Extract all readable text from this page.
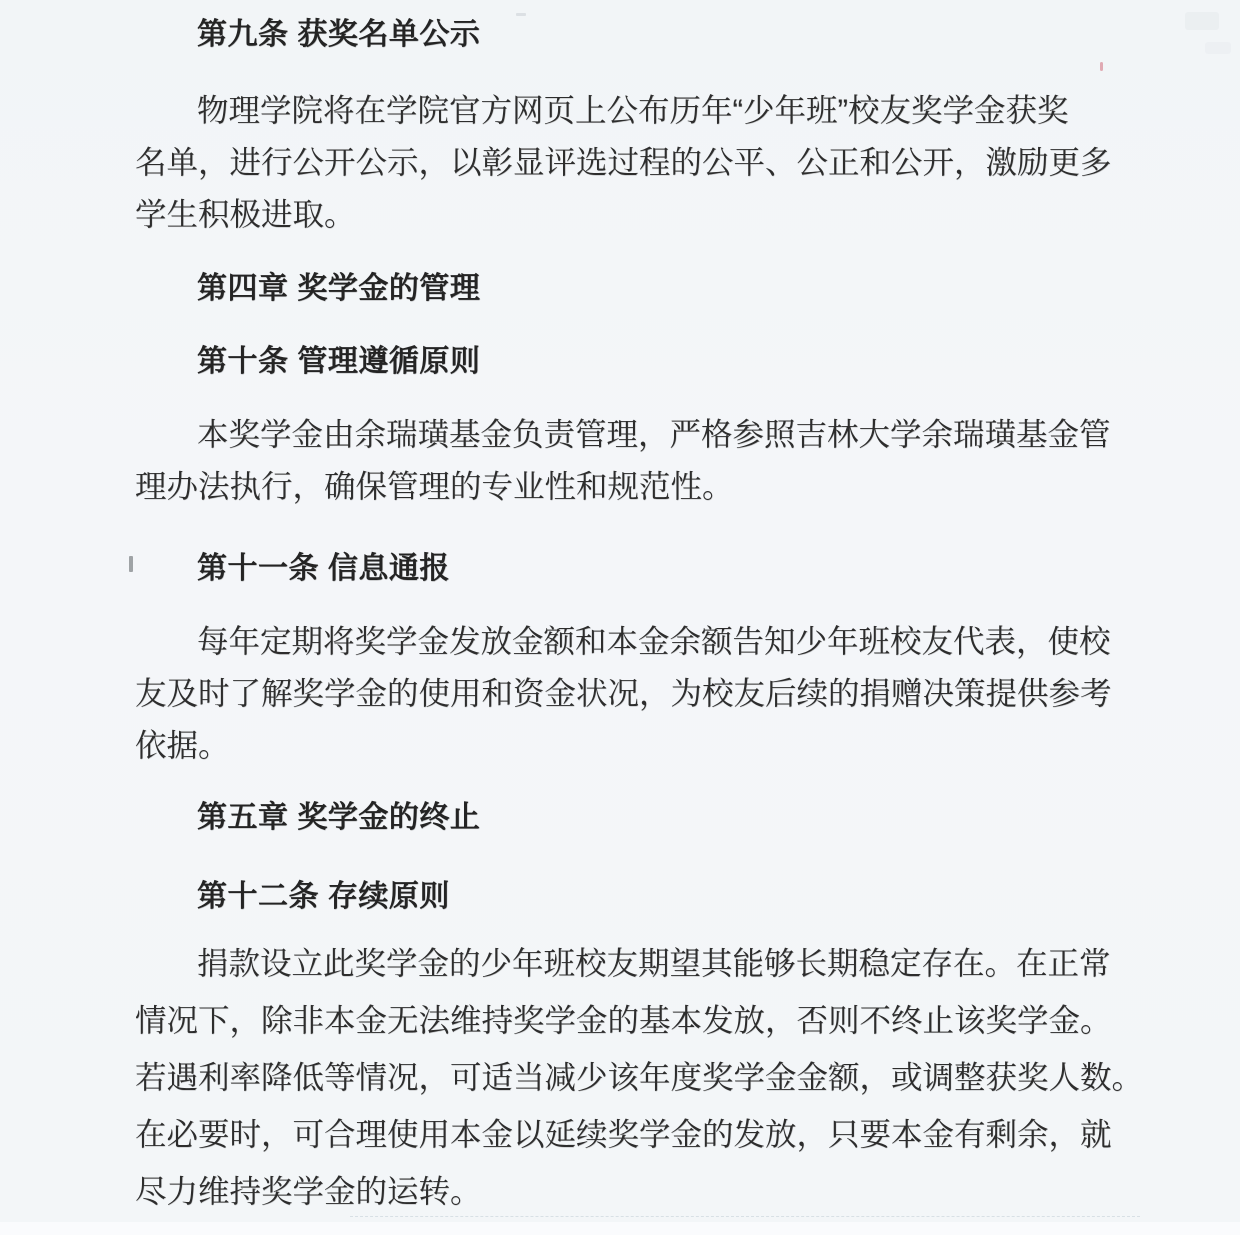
第九条 获奖名单公示
物理学院将在学院官方网页上公布历年“少年班”校友奖学金获奖
名单，进行公开公示，以彰显评选过程的公平、公正和公开，激励更多
学生积极进取。
第四章 奖学金的管理
第十条 管理遵循原则
本奖学金由余瑞璜基金负责管理，严格参照吉林大学余瑞璜基金管
理办法执行，确保管理的专业性和规范性。
第十一条 信息通报
每年定期将奖学金发放金额和本金余额告知少年班校友代表，使校
友及时了解奖学金的使用和资金状况，为校友后续的捐赠决策提供参考
依据。
第五章 奖学金的终止
第十二条 存续原则
捐款设立此奖学金的少年班校友期望其能够长期稳定存在。在正常
情况下，除非本金无法维持奖学金的基本发放，否则不终止该奖学金。
若遇利率降低等情况，可适当减少该年度奖学金金额，或调整获奖人数。
在必要时，可合理使用本金以延续奖学金的发放，只要本金有剩余，就
尽力维持奖学金的运转。
